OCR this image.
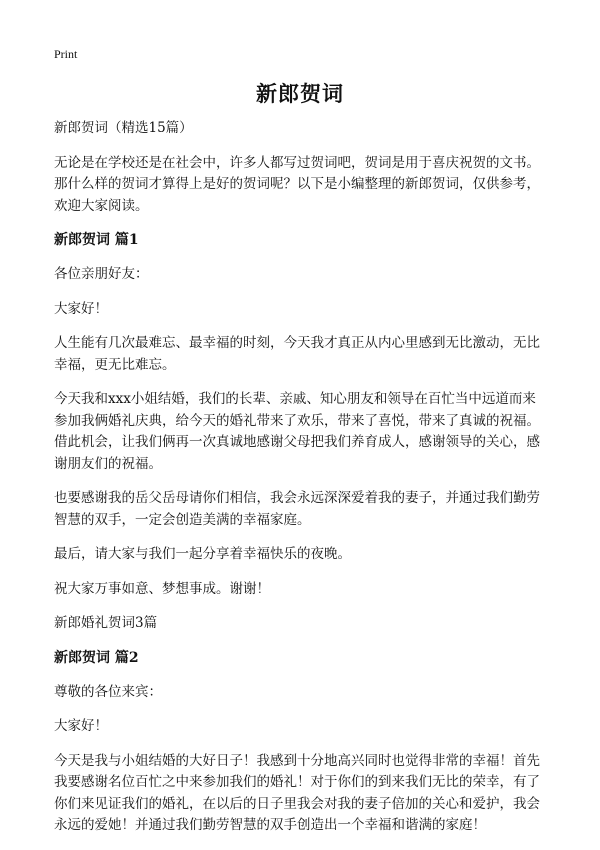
Print
新郎贺词
新郎贺词（精选15篇）
无论是在学校还是在社会中，许多人都写过贺词吧，贺词是用于喜庆祝贺的文书。那什么样的贺词才算得上是好的贺词呢？以下是小编整理的新郎贺词，仅供参考，欢迎大家阅读。
新郎贺词 篇1
各位亲朋好友：
大家好！
人生能有几次最难忘、最幸福的时刻，今天我才真正从内心里感到无比激动，无比幸福，更无比难忘。
今天我和xxx小姐结婚，我们的长辈、亲戚、知心朋友和领导在百忙当中远道而来参加我俩婚礼庆典，给今天的婚礼带来了欢乐，带来了喜悦，带来了真诚的祝福。借此机会，让我们俩再一次真诚地感谢父母把我们养育成人，感谢领导的关心，感谢朋友们的祝福。
也要感谢我的岳父岳母请你们相信，我会永远深深爱着我的妻子，并通过我们勤劳智慧的双手，一定会创造美满的幸福家庭。
最后，请大家与我们一起分享着幸福快乐的夜晚。
祝大家万事如意、梦想事成。谢谢！
新郎婚礼贺词3篇
新郎贺词 篇2
尊敬的各位来宾：
大家好！
今天是我与小姐结婚的大好日子！我感到十分地高兴同时也觉得非常的幸福！首先我要感谢名位百忙之中来参加我们的婚礼！对于你们的到来我们无比的荣幸，有了你们来见证我们的婚礼，在以后的日子里我会对我的妻子倍加的关心和爱护，我会永远的爱她！并通过我们勤劳智慧的双手创造出一个幸福和谐满的家庭！
